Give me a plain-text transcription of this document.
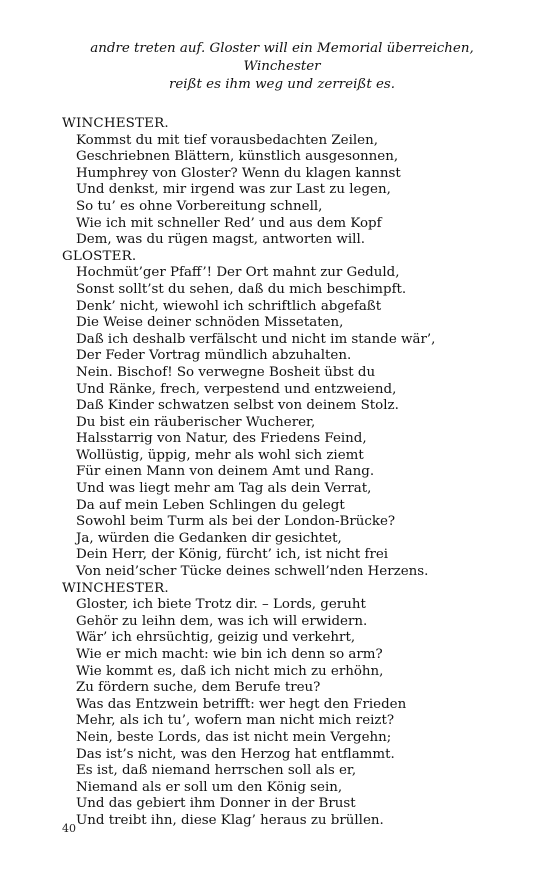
andre treten auf. Gloster will ein Memorial überreichen, Winchester
reißt es ihm weg und zerreißt es.
WINCHESTER.
Kommst du mit tief vorausbedachten Zeilen,
Geschriebnen Blättern, künstlich ausgesonnen,
Humphrey von Gloster? Wenn du klagen kannst
Und denkst, mir irgend was zur Last zu legen,
So tu’ es ohne Vorbereitung schnell,
Wie ich mit schneller Red’ und aus dem Kopf
Dem, was du rügen magst, antworten will.
GLOSTER.
Hochmüt’ger Pfaff’! Der Ort mahnt zur Geduld,
Sonst sollt’st du sehen, daß du mich beschimpft.
Denk’ nicht, wiewohl ich schriftlich abgefaßt
Die Weise deiner schnöden Missetaten,
Daß ich deshalb verfälscht und nicht im stande wär’,
Der Feder Vortrag mündlich abzuhalten.
Nein. Bischof! So verwegne Bosheit übst du
Und Ränke, frech, verpestend und entzweiend,
Daß Kinder schwatzen selbst von deinem Stolz.
Du bist ein räuberischer Wucherer,
Halsstarrig von Natur, des Friedens Feind,
Wollüstig, üppig, mehr als wohl sich ziemt
Für einen Mann von deinem Amt und Rang.
Und was liegt mehr am Tag als dein Verrat,
Da auf mein Leben Schlingen du gelegt
Sowohl beim Turm als bei der London-Brücke?
Ja, würden die Gedanken dir gesichtet,
Dein Herr, der König, fürcht’ ich, ist nicht frei
Von neid’scher Tücke deines schwell’nden Herzens.
WINCHESTER.
Gloster, ich biete Trotz dir. – Lords, geruht
Gehör zu leihn dem, was ich will erwidern.
Wär’ ich ehrsüchtig, geizig und verkehrt,
Wie er mich macht: wie bin ich denn so arm?
Wie kommt es, daß ich nicht mich zu erhöhn,
Zu fördern suche, dem Berufe treu?
Was das Entzwein betrifft: wer hegt den Frieden
Mehr, als ich tu’, wofern man nicht mich reizt?
Nein, beste Lords, das ist nicht mein Vergehn;
Das ist’s nicht, was den Herzog hat entflammt.
Es ist, daß niemand herrschen soll als er,
Niemand als er soll um den König sein,
Und das gebiert ihm Donner in der Brust
Und treibt ihn, diese Klag’ heraus zu brüllen.
40
